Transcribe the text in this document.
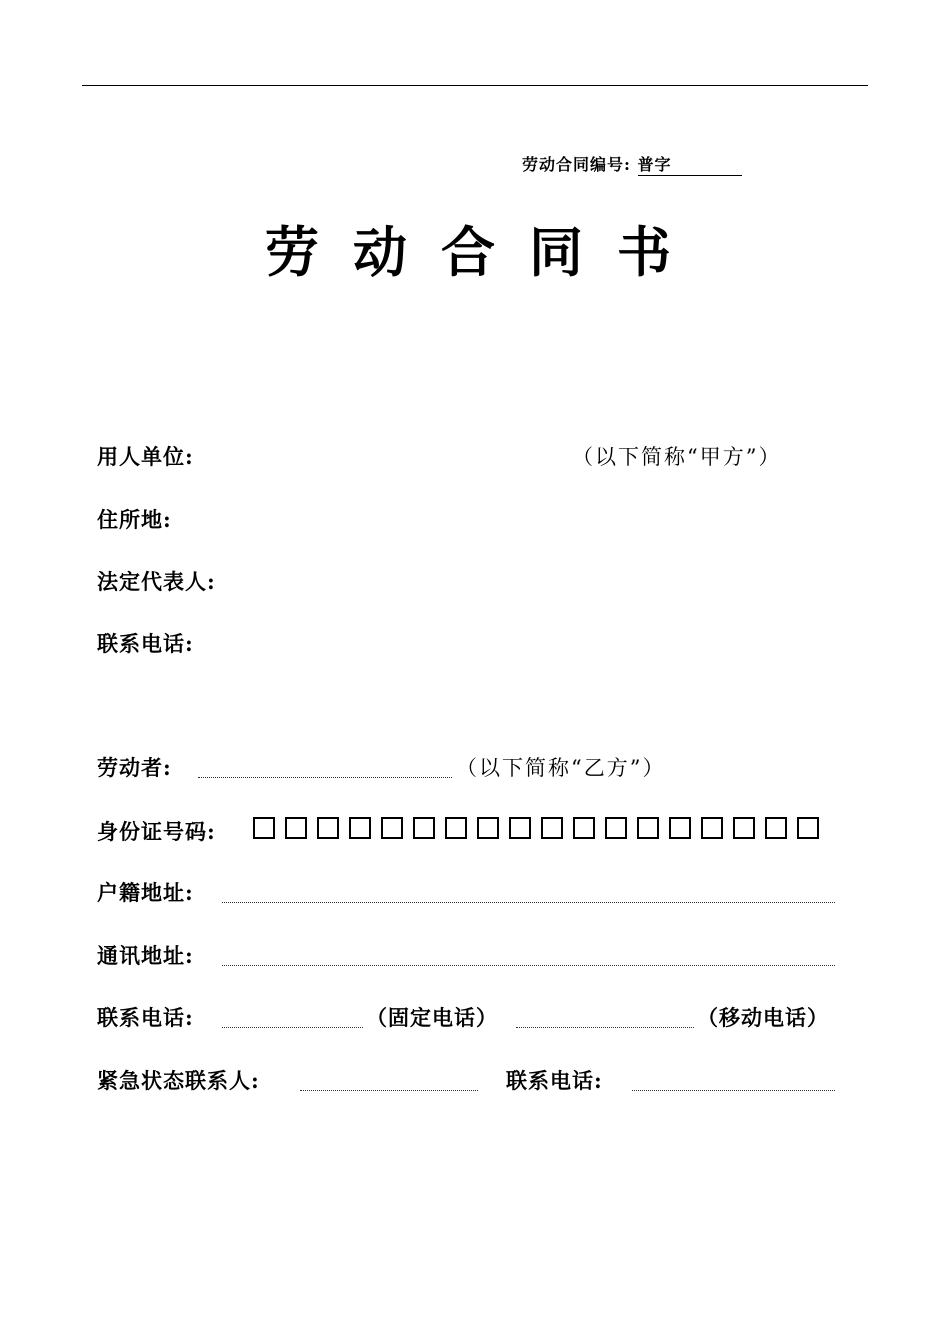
劳动合同编号: 普字
劳动合同书
用人单位:	（以下简称“甲方”）
住所地:
法定代表人:
联系电话:
劳动者:	（以下简称“乙方”）
身份证号码:
户籍地址:
通讯地址:
联系电话:	（固定电话）	（移动电话）
紧急状态联系人:	联系电话:
